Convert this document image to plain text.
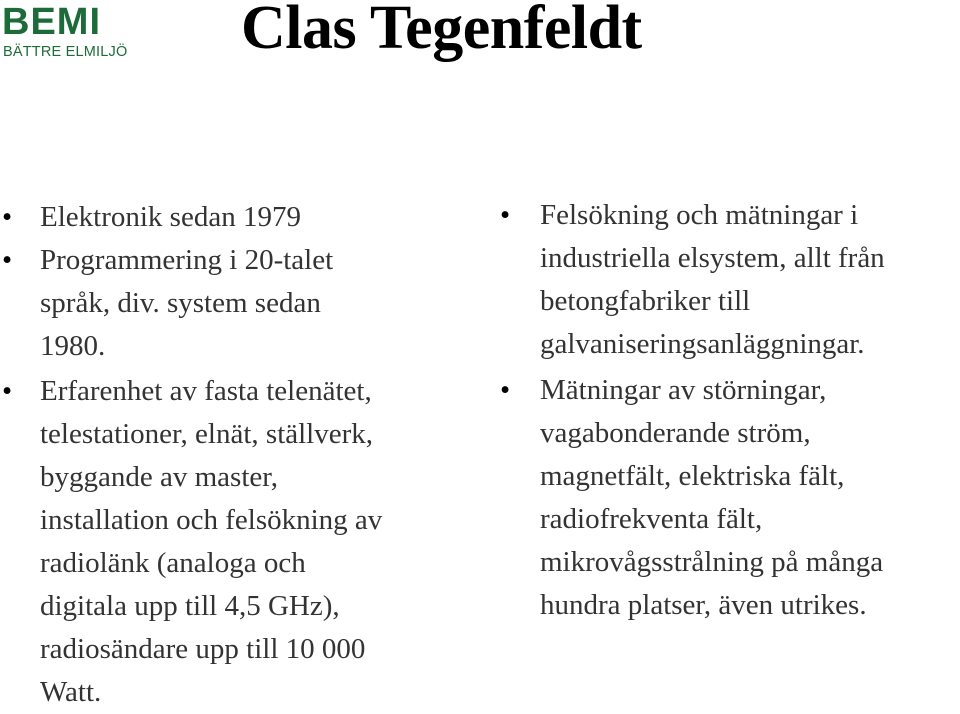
BEMI
BÄTTRE ELMILJÖ Clas Tegenfeldt
• Elektronik sedan 1979
• Programmering i 20-talet
språk, div. system sedan
1980.
• Erfarenhet av fasta telenätet,
telestationer, elnät, ställverk,
byggande av master,
installation och felsökning av
radiolänk (analoga och
digitala upp till 4,5 GHz),
radiosändare upp till 10 000
Watt.
• Felsökning och mätningar i
industriella elsystem, allt från
betongfabriker till
galvaniseringsanläggningar.
• Mätningar av störningar,
vagabonderande ström,
magnetfält, elektriska fält,
radiofrekventa fält,
mikrovågsstrålning på många
hundra platser, även utrikes.
